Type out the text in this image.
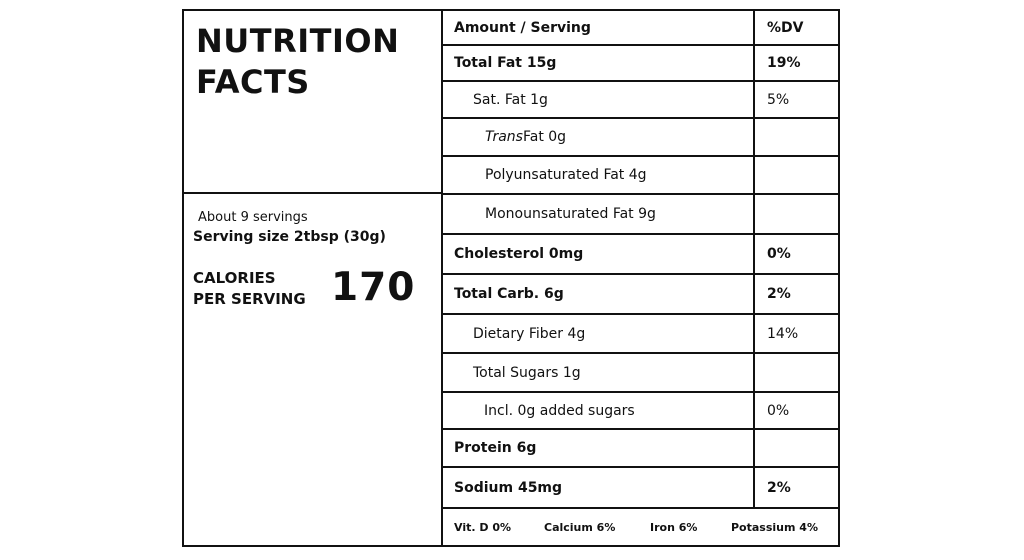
NUTRITION
FACTS
About 9 servings
Serving size 2tbsp (30g)
CALORIES
PER SERVING 170
Amount / Serving	%DV
Total Fat 15g	19%
Sat. Fat 1g	5%
Trans Fat 0g
Polyunsaturated Fat 4g
Monounsaturated Fat 9g
Cholesterol 0mg	0%
Total Carb. 6g	2%
Dietary Fiber 4g	14%
Total Sugars 1g
Incl. 0g added sugars	0%
Protein 6g
Sodium 45mg	2%
Vit. D 0%	Calcium 6%	Iron 6%	Potassium 4%
